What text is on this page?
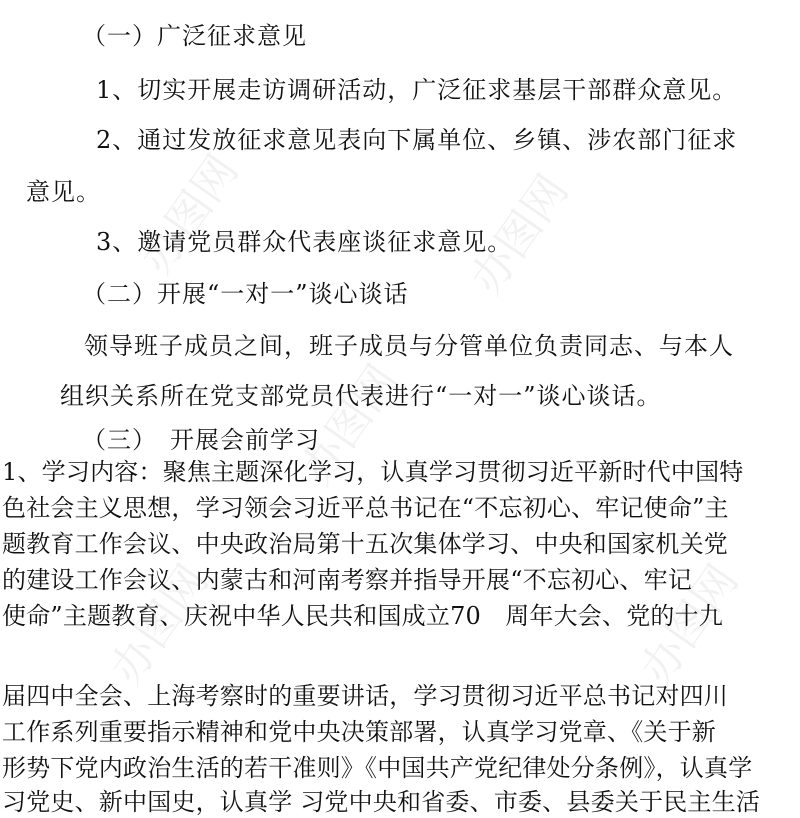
办图网
办图网
办图网	办图网
办图网
（一）广泛征求意见
1、切实开展走访调研活动，广泛征求基层干部群众意见。
2、通过发放征求意见表向下属单位、乡镇、涉农部门征求
意见。
3、邀请党员群众代表座谈征求意见。
（二）开展“一对一”谈心谈话
领导班子成员之间，班子成员与分管单位负责同志、与本人
组织关系所在党支部党员代表进行“一对一”谈心谈话。
（三）　开展会前学习
1、学习内容：聚焦主题深化学习，认真学习贯彻习近平新时代中国特
色社会主义思想，学习领会习近平总书记在“不忘初心、牢记使命”主
题教育工作会议、中央政治局第十五次集体学习、中央和国家机关党
的建设工作会议、内蒙古和河南考察并指导开展“不忘初心、牢记
使命”主题教育、庆祝中华人民共和国成立70　周年大会、党的十九
届四中全会、上海考察时的重要讲话，学习贯彻习近平总书记对四川
工作系列重要指示精神和党中央决策部署，认真学习党章、《关于新
形势下党内政治生活的若干准则》《中国共产党纪律处分条例》，认真学
习党史、新中国史，认真学 习党中央和省委、市委、县委关于民主生活
